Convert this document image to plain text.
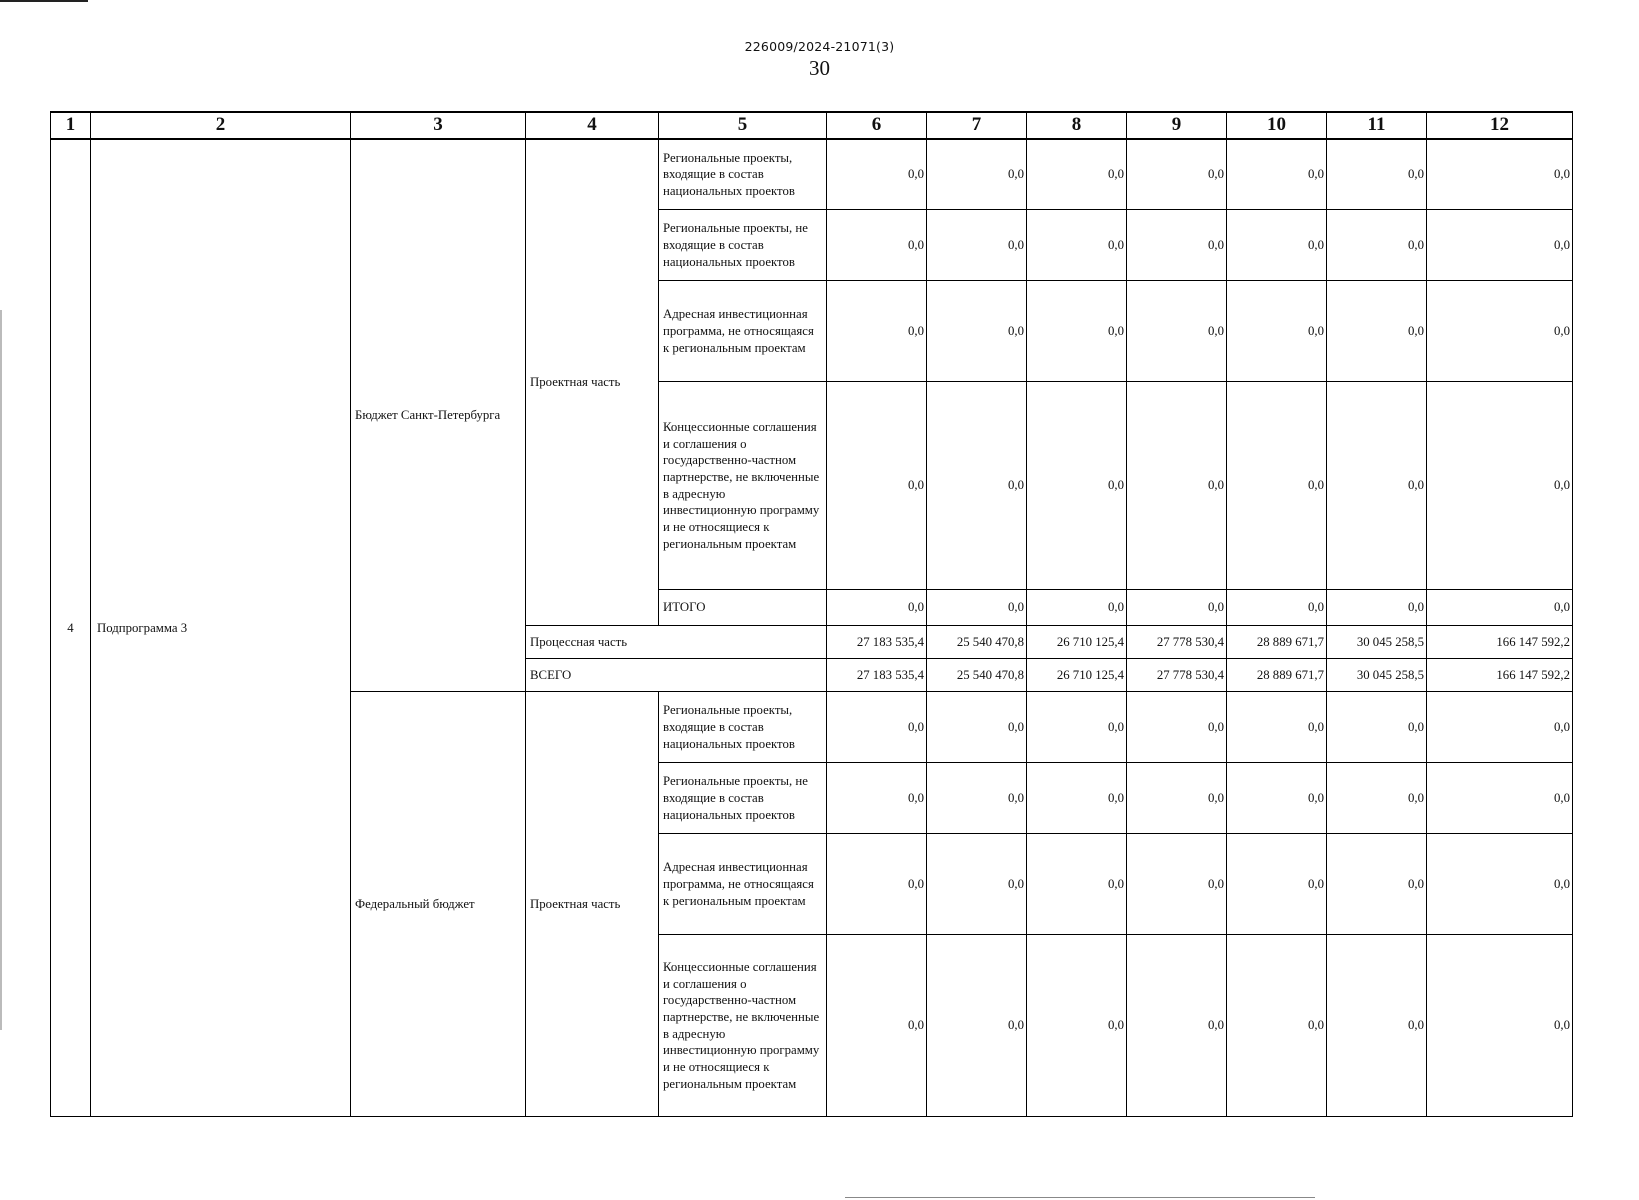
226009/2024-21071(3)
30
1	2	3	4	5	6	7	8	9	10	11	12
4	Подпрограмма 3	Бюджет Санкт-Петербурга	Проектная часть	Региональные проекты, входящие в состав национальных проектов	0,0	0,0	0,0	0,0	0,0	0,0	0,0
				Региональные проекты, не входящие в состав национальных проектов	0,0	0,0	0,0	0,0	0,0	0,0	0,0
				Адресная инвестиционная программа, не относящаяся к региональным проектам	0,0	0,0	0,0	0,0	0,0	0,0	0,0
				Концессионные соглашения и соглашения о государственно-частном партнерстве, не включенные в адресную инвестиционную программу и не относящиеся к региональным проектам	0,0	0,0	0,0	0,0	0,0	0,0	0,0
				ИТОГО	0,0	0,0	0,0	0,0	0,0	0,0	0,0
			Процессная часть		27 183 535,4	25 540 470,8	26 710 125,4	27 778 530,4	28 889 671,7	30 045 258,5	166 147 592,2
			ВСЕГО		27 183 535,4	25 540 470,8	26 710 125,4	27 778 530,4	28 889 671,7	30 045 258,5	166 147 592,2
		Федеральный бюджет	Проектная часть	Региональные проекты, входящие в состав национальных проектов	0,0	0,0	0,0	0,0	0,0	0,0	0,0
				Региональные проекты, не входящие в состав национальных проектов	0,0	0,0	0,0	0,0	0,0	0,0	0,0
				Адресная инвестиционная программа, не относящаяся к региональным проектам	0,0	0,0	0,0	0,0	0,0	0,0	0,0
				Концессионные соглашения и соглашения о государственно-частном партнерстве, не включенные в адресную инвестиционную программу и не относящиеся к региональным проектам	0,0	0,0	0,0	0,0	0,0	0,0	0,0
